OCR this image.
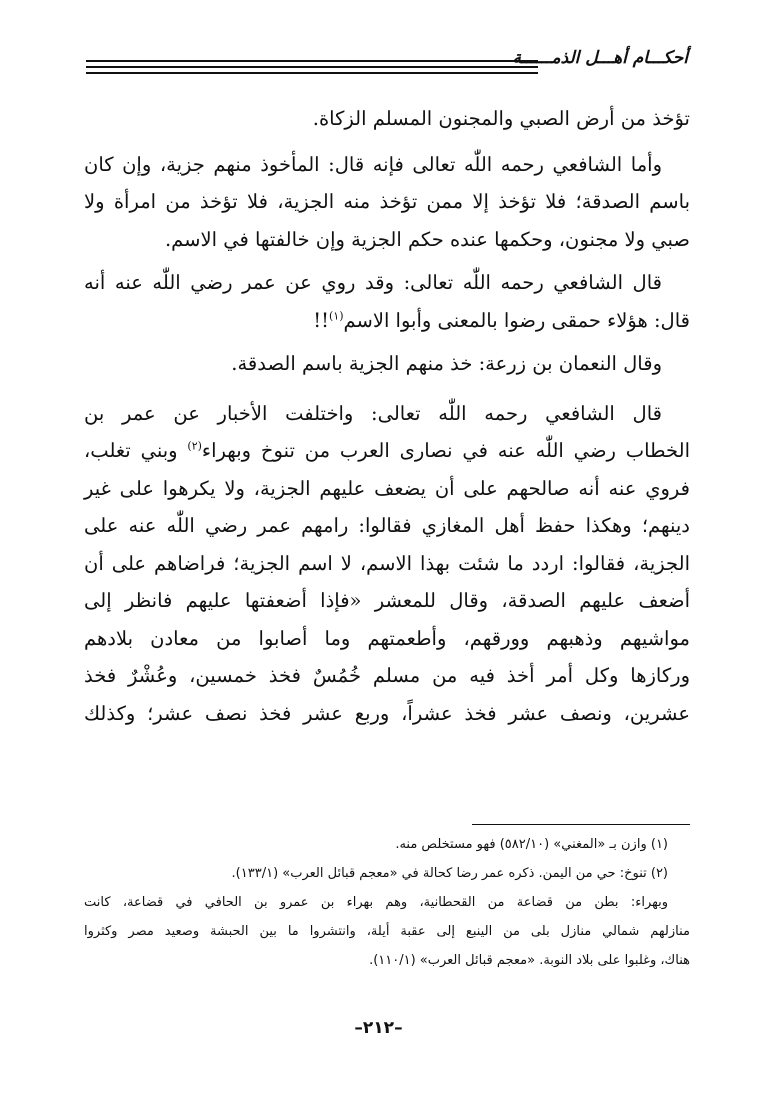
أحكـــام أهـــل الذمــــــة

تؤخذ من أرض الصبي والمجنون المسلم الزكاة.

وأما الشافعي رحمه اللّٰه تعالى فإنه قال: المأخوذ منهم جزية، وإن كان

باسم الصدقة؛ فلا تؤخذ إلا ممن تؤخذ منه الجزية، فلا تؤخذ من امرأة ولا
صبي ولا مجنون، وحكمها عنده حكم الجزية وإن خالفتها في الاسم.

قال الشافعي رحمه اللّٰه تعالى: وقد روي عن عمر رضي اللّٰه عنه أنه

قال: هؤلاء حمقى رضوا بالمعنى وأبوا الاسم$^{(١)}$!!

وقال النعمان بن زرعة: خذ منهم الجزية باسم الصدقة.

قال الشافعي رحمه اللّٰه تعالى: واختلفت الأخبار عن عمر بن

الخطاب رضي اللّٰه عنه في نصارى العرب من تنوخ وبهراء$^{(٢)}$ وبني تغلب،
فروي عنه أنه صالحهم على أن يضعف عليهم الجزية، ولا يكرهوا على غير
دينهم؛ وهكذا حفظ أهل المغازي فقالوا: رامهم عمر رضي اللّٰه عنه على
الجزية، فقالوا: اردد ما شئت بهذا الاسم، لا اسم الجزية؛ فراضاهم على أن
أضعف عليهم الصدقة، وقال للمعشر «فإذا أضعفتها عليهم فانظر إلى
مواشيهم وذهبهم وورقهم، وأطعمتهم وما أصابوا من معادن بلادهم
وركازها وكل أمر أخذ فيه من مسلم خُمُسٌ فخذ خمسين، وعُشْرٌ فخذ
عشرين، ونصف عشر فخذ عشراً، وربع عشر فخذ نصف عشر؛ وكذلك

(١) وازن بـ «المغني» (٥٨٢/١٠) فهو مستخلص منه.

(٢) تنوخ: حي من اليمن. ذكره عمر رضا كحالة في «معجم قبائل العرب» (١٣٣/١).

وبهراء: بطن من قضاعة من القحطانية، وهم بهراء بن عمرو بن الحافي في قضاعة، كانت
منازلهم شمالي منازل بلى من الينبع إلى عقبة أيلة، وانتشروا ما بين الحبشة وصعيد مصر وكثروا
هناك، وغلبوا على بلاد النوبة. «معجم قبائل العرب» (١١٠/١).

–٢١٢–
